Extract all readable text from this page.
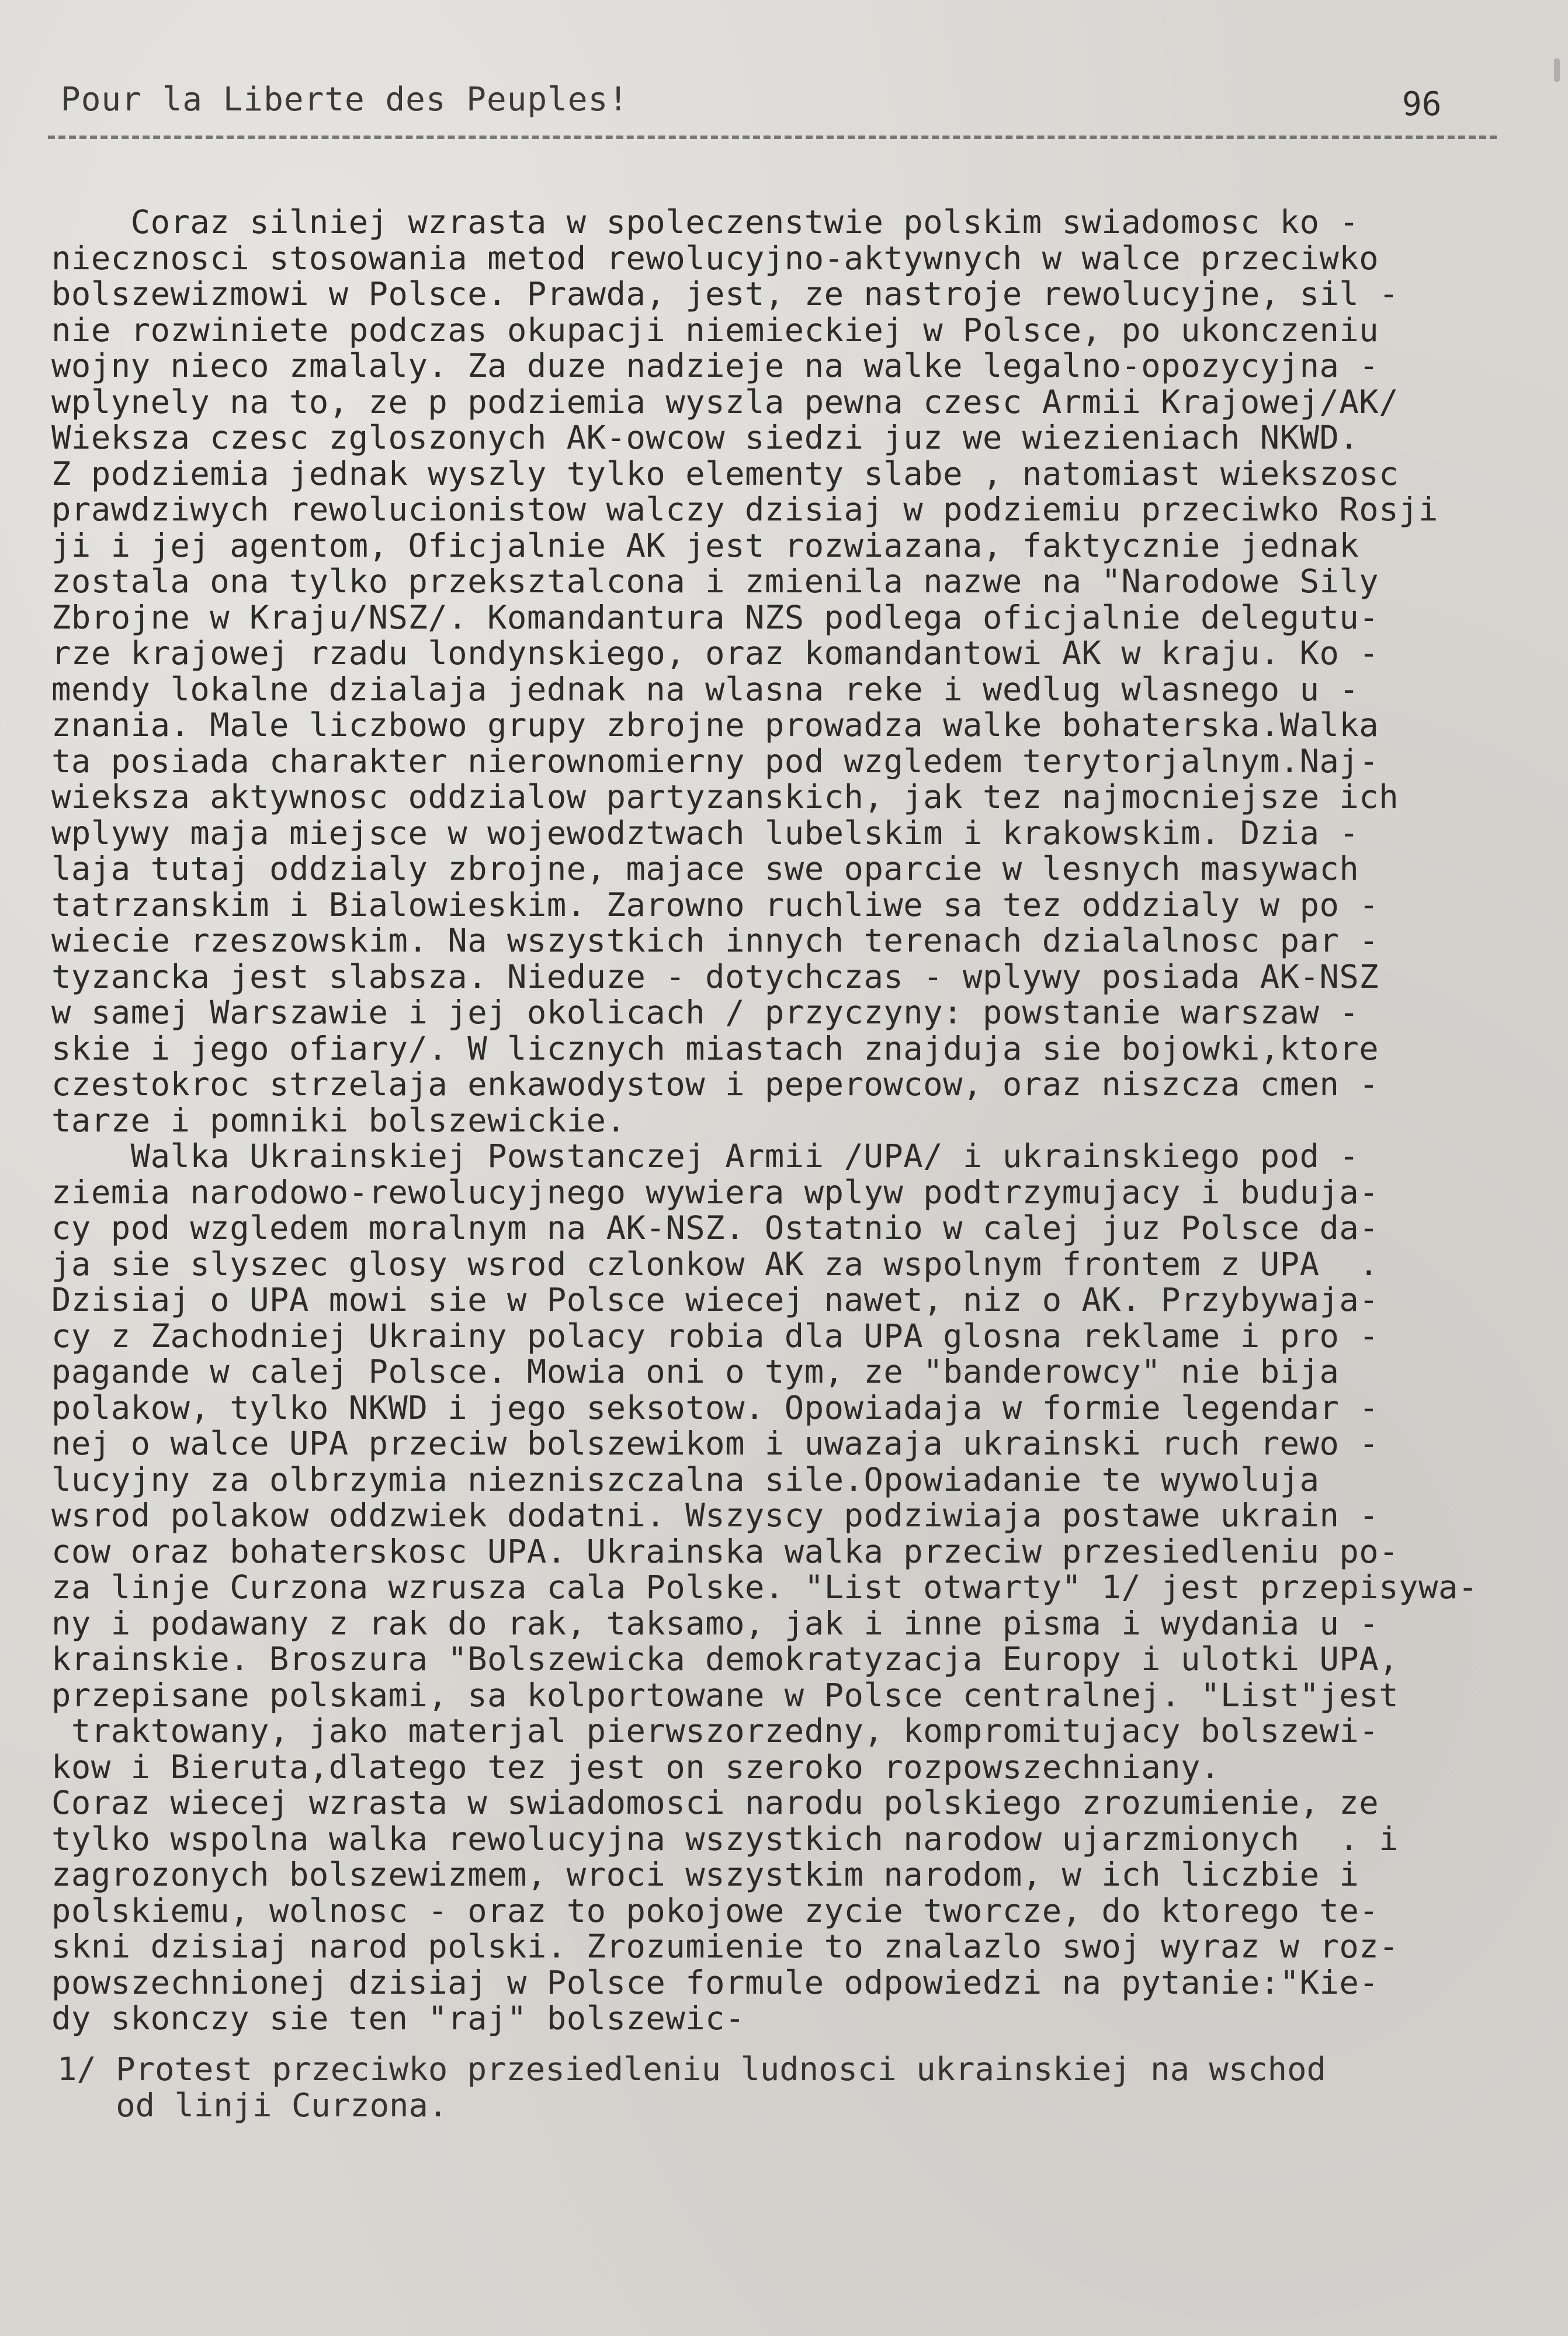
Pour la Liberte des Peuples!	96
Coraz silniej wzrasta w spoleczenstwie polskim swiadomosc ko -
niecznosci stosowania metod rewolucyjno-aktywnych w walce przeciwko
bolszewizmowi w Polsce. Prawda, jest, ze nastroje rewolucyjne, sil -
nie rozwiniete podczas okupacji niemieckiej w Polsce, po ukonczeniu
wojny nieco zmalaly. Za duze nadzieje na walke legalno-opozycyjna -
wplynely na to, ze p podziemia wyszla pewna czesc Armii Krajowej/AK/
Wieksza czesc zgloszonych AK-owcow siedzi juz we wiezieniach NKWD.
Z podziemia jednak wyszly tylko elementy slabe , natomiast wiekszosc
prawdziwych rewolucionistow walczy dzisiaj w podziemiu przeciwko Rosji
ji i jej agentom, Oficjalnie AK jest rozwiazana, faktycznie jednak
zostala ona tylko przeksztalcona i zmienila nazwe na "Narodowe Sily
Zbrojne w Kraju/NSZ/. Komandantura NZS podlega oficjalnie delegutu-
rze krajowej rzadu londynskiego, oraz komandantowi AK w kraju. Ko -
mendy lokalne dzialaja jednak na wlasna reke i wedlug wlasnego u -
znania. Male liczbowo grupy zbrojne prowadza walke bohaterska.Walka
ta posiada charakter nierownomierny pod wzgledem terytorjalnym.Naj-
wieksza aktywnosc oddzialow partyzanskich, jak tez najmocniejsze ich
wplywy maja miejsce w wojewodztwach lubelskim i krakowskim. Dzia -
laja tutaj oddzialy zbrojne, majace swe oparcie w lesnych masywach
tatrzanskim i Bialowieskim. Zarowno ruchliwe sa tez oddzialy w po -
wiecie rzeszowskim. Na wszystkich innych terenach dzialalnosc par -
tyzancka jest slabsza. Nieduze - dotychczas - wplywy posiada AK-NSZ
w samej Warszawie i jej okolicach / przyczyny: powstanie warszaw -
skie i jego ofiary/. W licznych miastach znajduja sie bojowki,ktore
czestokroc strzelaja enkawodystow i peperowcow, oraz niszcza cmen -
tarze i pomniki bolszewickie.
Walka Ukrainskiej Powstanczej Armii /UPA/ i ukrainskiego pod -
ziemia narodowo-rewolucyjnego wywiera wplyw podtrzymujacy i buduja-
cy pod wzgledem moralnym na AK-NSZ. Ostatnio w calej juz Polsce da-
ja sie slyszec glosy wsrod czlonkow AK za wspolnym frontem z UPA  .
Dzisiaj o UPA mowi sie w Polsce wiecej nawet, niz o AK. Przybywaja-
cy z Zachodniej Ukrainy polacy robia dla UPA glosna reklame i pro -
pagande w calej Polsce. Mowia oni o tym, ze "banderowcy" nie bija
polakow, tylko NKWD i jego seksotow. Opowiadaja w formie legendar -
nej o walce UPA przeciw bolszewikom i uwazaja ukrainski ruch rewo -
lucyjny za olbrzymia niezniszczalna sile.Opowiadanie te wywoluja
wsrod polakow oddzwiek dodatni. Wszyscy podziwiaja postawe ukrain -
cow oraz bohaterskosc UPA. Ukrainska walka przeciw przesiedleniu po-
za linje Curzona wzrusza cala Polske. "List otwarty" 1/ jest przepisywa-
ny i podawany z rak do rak, taksamo, jak i inne pisma i wydania u -
krainskie. Broszura "Bolszewicka demokratyzacja Europy i ulotki UPA,
przepisane polskami, sa kolportowane w Polsce centralnej. "List"jest
traktowany, jako materjal pierwszorzedny, kompromitujacy bolszewi-
kow i Bieruta,dlatego tez jest on szeroko rozpowszechniany.
Coraz wiecej wzrasta w swiadomosci narodu polskiego zrozumienie, ze
tylko wspolna walka rewolucyjna wszystkich narodow ujarzmionych  . i
zagrozonych bolszewizmem, wroci wszystkim narodom, w ich liczbie i
polskiemu, wolnosc - oraz to pokojowe zycie tworcze, do ktorego te-
skni dzisiaj narod polski. Zrozumienie to znalazlo swoj wyraz w roz-
powszechnionej dzisiaj w Polsce formule odpowiedzi na pytanie:"Kie-
dy skonczy sie ten "raj" bolszewic-
1/ Protest przeciwko przesiedleniu ludnosci ukrainskiej na wschod
od linji Curzona.
